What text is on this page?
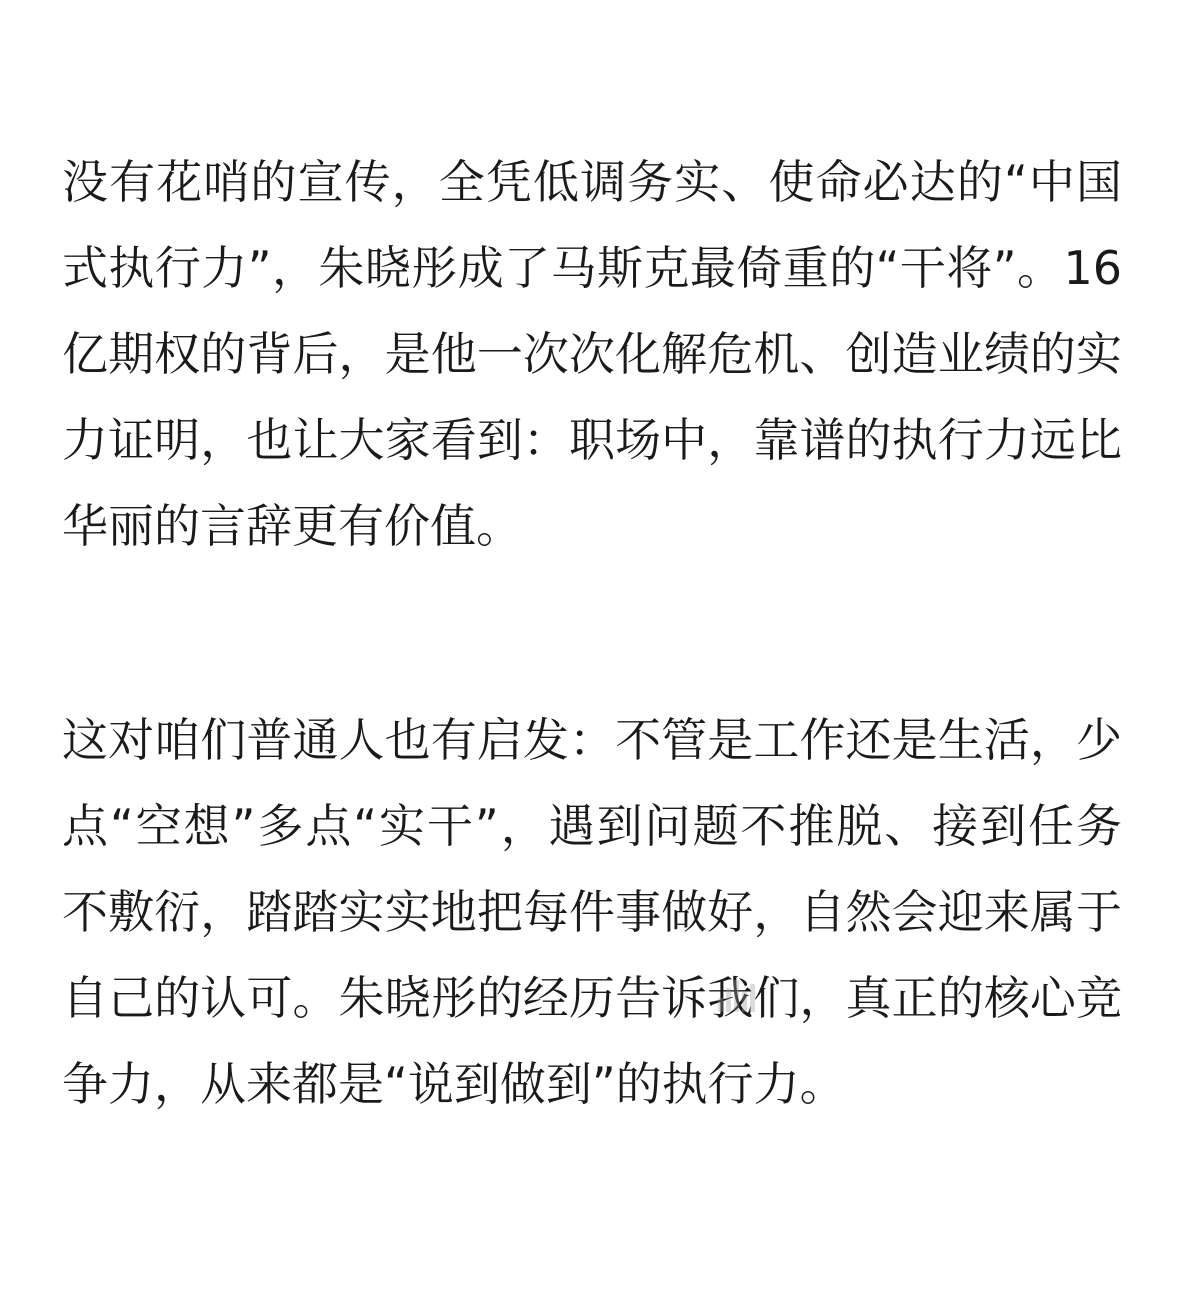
没有花哨的宣传，全凭低调务实、使命必达的“中国式执行力”，朱晓彤成了马斯克最倚重的“干将”。16亿期权的背后，是他一次次化解危机、创造业绩的实力证明，也让大家看到：职场中，靠谱的执行力远比华丽的言辞更有价值。

这对咱们普通人也有启发：不管是工作还是生活，少点“空想”多点“实干”，遇到问题不推脱、接到任务不敷衍，踏踏实实地把每件事做好，自然会迎来属于自己的认可。朱晓彤的经历告诉我们，真正的核心竞争力，从来都是“说到做到”的执行力。
